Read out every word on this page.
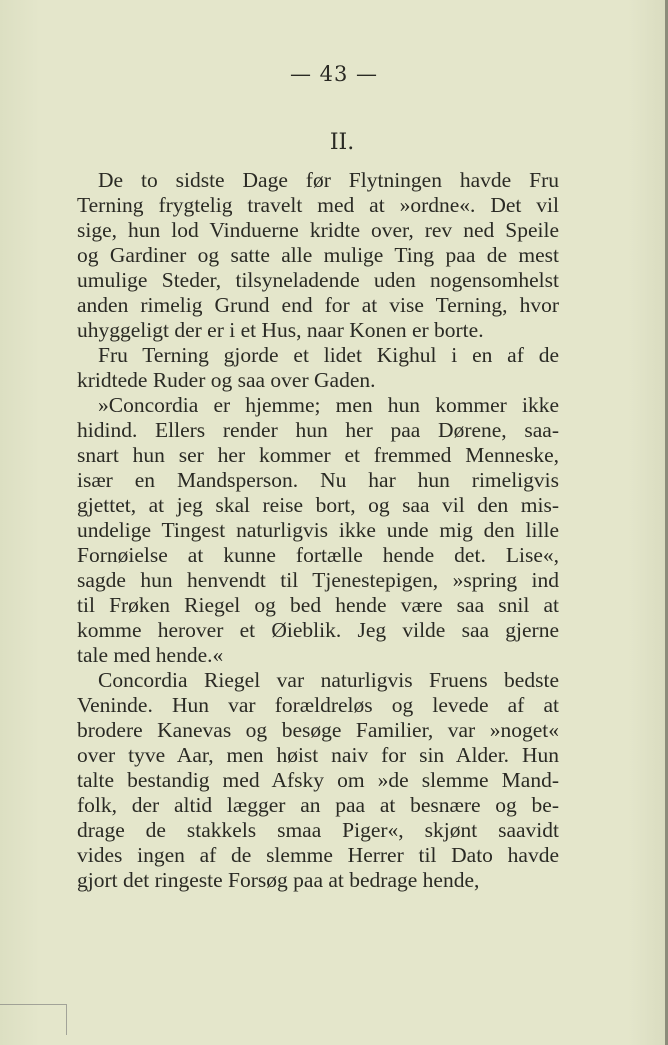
— 43 —
II.
De to sidste Dage før Flytningen havde Fru
Terning frygtelig travelt med at »ordne«. Det vil
sige, hun lod Vinduerne kridte over, rev ned Speile
og Gardiner og satte alle mulige Ting paa de mest
umulige Steder, tilsyneladende uden nogensomhelst
anden rimelig Grund end for at vise Terning, hvor
uhyggeligt der er i et Hus, naar Konen er borte.
Fru Terning gjorde et lidet Kighul i en af de
kridtede Ruder og saa over Gaden.
»Concordia er hjemme; men hun kommer ikke
hidind. Ellers render hun her paa Dørene, saa-
snart hun ser her kommer et fremmed Menneske,
især en Mandsperson. Nu har hun rimeligvis
gjettet, at jeg skal reise bort, og saa vil den mis-
undelige Tingest naturligvis ikke unde mig den lille
Fornøielse at kunne fortælle hende det. Lise«,
sagde hun henvendt til Tjenestepigen, »spring ind
til Frøken Riegel og bed hende være saa snil at
komme herover et Øieblik. Jeg vilde saa gjerne
tale med hende.«
Concordia Riegel var naturligvis Fruens bedste
Veninde. Hun var forældreløs og levede af at
brodere Kanevas og besøge Familier, var »noget«
over tyve Aar, men høist naiv for sin Alder. Hun
talte bestandig med Afsky om »de slemme Mand-
folk, der altid lægger an paa at besnære og be-
drage de stakkels smaa Piger«, skjønt saavidt
vides ingen af de slemme Herrer til Dato havde
gjort det ringeste Forsøg paa at bedrage hende,
